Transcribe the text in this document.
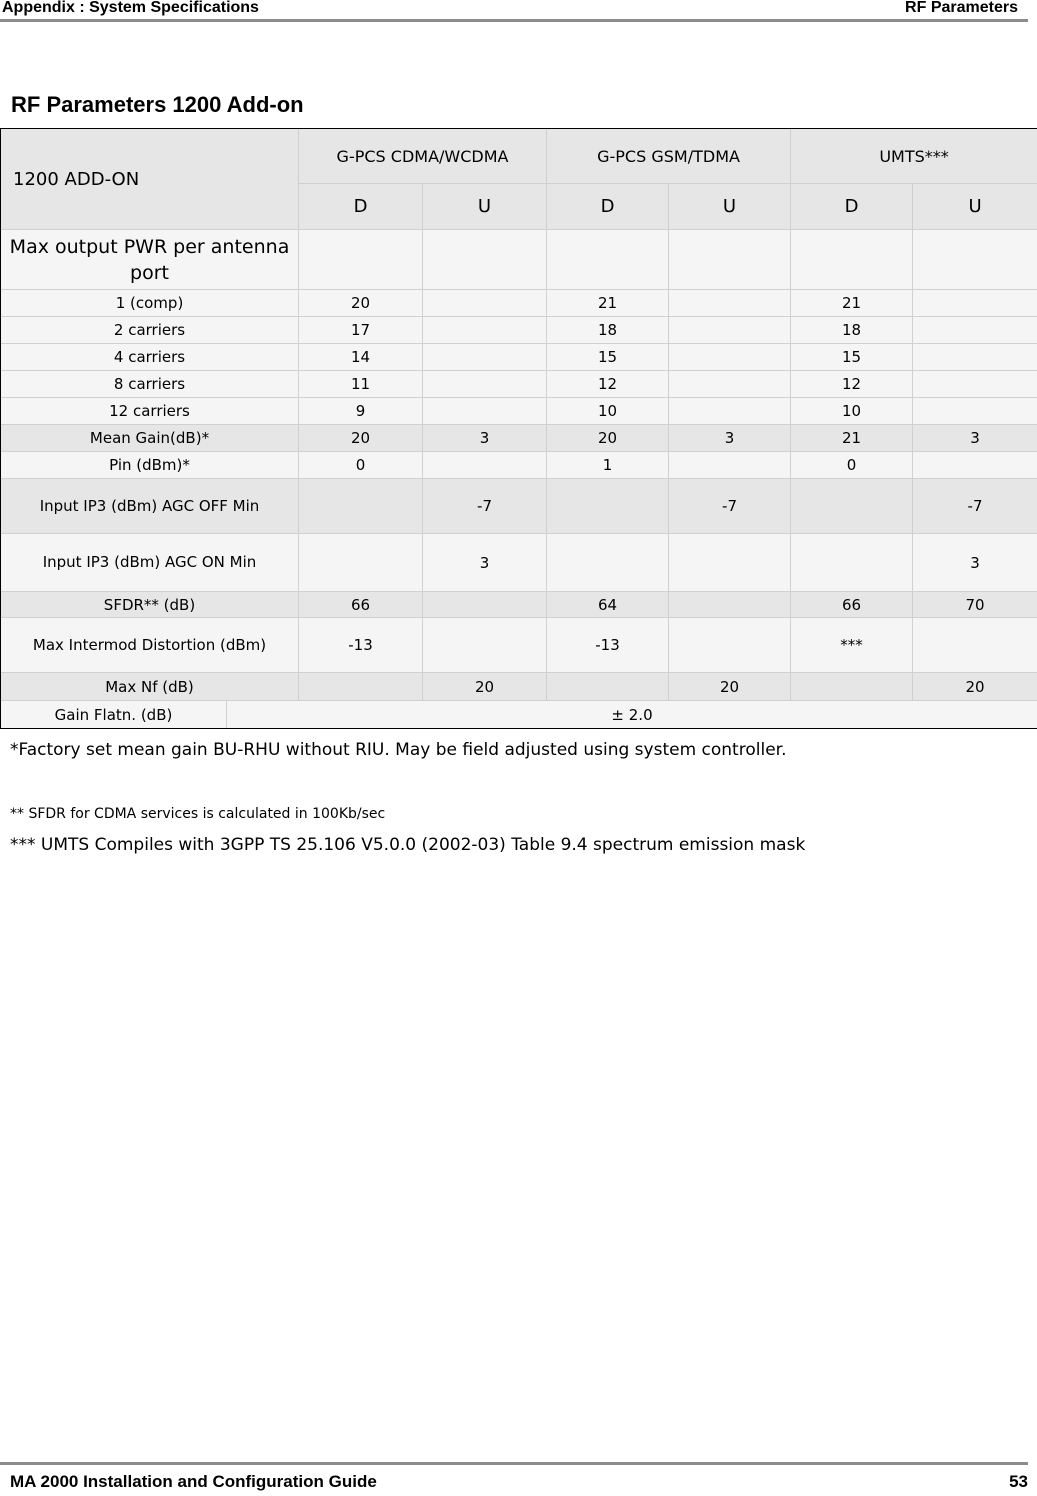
Appendix : System Specifications	RF Parameters
RF Parameters 1200 Add-on
1200 ADD-ON		G-PCS CDMA/WCDMA		G-PCS GSM/TDMA		UMTS***	
		D	U	D	U	D	U
Max output PWR per antenna port							
1 (comp)		20		21		21	
2 carriers		17		18		18	
4 carriers		14		15		15	
8 carriers		11		12		12	
12 carriers		9		10		10	
Mean Gain(dB)*		20	3	20	3	21	3
Pin (dBm)*		0		1		0	
Input IP3 (dBm) AGC OFF Min			-7		-7		-7
Input IP3 (dBm) AGC ON Min			3				3
SFDR** (dB)		66		64		66	70
Max Intermod Distortion (dBm)		-13		-13		***	
Max Nf (dB)			20		20		20
Gain Flatn. (dB)	± 2.0						
*Factory set mean gain BU-RHU without RIU. May be field adjusted using system controller.
** SFDR for CDMA services is calculated in 100Kb/sec
*** UMTS Compiles with 3GPP TS 25.106 V5.0.0 (2002-03) Table 9.4 spectrum emission mask
MA 2000 Installation and Configuration Guide	53
